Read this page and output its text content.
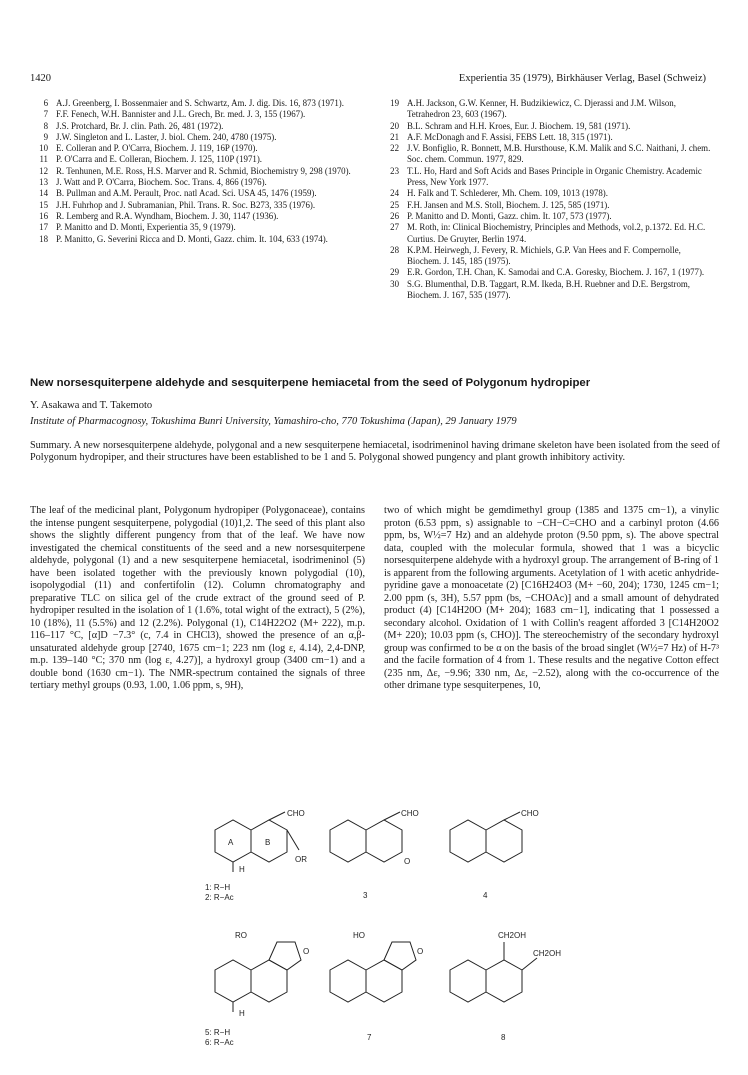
1420	Experientia 35 (1979), Birkhäuser Verlag, Basel (Schweiz)
6 A.J. Greenberg, I. Bossenmaier and S. Schwartz, Am. J. dig. Dis. 16, 873 (1971).
7 F.F. Fenech, W.H. Bannister and J.L. Grech, Br. med. J. 3, 155 (1967).
8 J.S. Protchard, Br. J. clin. Path. 26, 481 (1972).
9 J.W. Singleton and L. Laster, J. biol. Chem. 240, 4780 (1975).
10 E. Colleran and P. O'Carra, Biochem. J. 119, 16P (1970).
11 P. O'Carra and E. Colleran, Biochem. J. 125, 110P (1971).
12 R. Tenhunen, M.E. Ross, H.S. Marver and R. Schmid, Biochemistry 9, 298 (1970).
13 J. Watt and P. O'Carra, Biochem. Soc. Trans. 4, 866 (1976).
14 B. Pullman and A.M. Perault, Proc. natl Acad. Sci. USA 45, 1476 (1959).
15 J.H. Fuhrhop and J. Subramanian, Phil. Trans. R. Soc. B273, 335 (1976).
16 R. Lemberg and R.A. Wyndham, Biochem. J. 30, 1147 (1936).
17 P. Manitto and D. Monti, Experientia 35, 9 (1979).
18 P. Manitto, G. Severini Ricca and D. Monti, Gazz. chim. It. 104, 633 (1974).
19 A.H. Jackson, G.W. Kenner, H. Budzikiewicz, C. Djerassi and J.M. Wilson, Tetrahedron 23, 603 (1967).
20 B.L. Schram and H.H. Kroes, Eur. J. Biochem. 19, 581 (1971).
21 A.F. McDonagh and F. Assisi, FEBS Lett. 18, 315 (1971).
22 J.V. Bonfiglio, R. Bonnett, M.B. Hursthouse, K.M. Malik and S.C. Naithani, J. chem. Soc. chem. Commun. 1977, 829.
23 T.L. Ho, Hard and Soft Acids and Bases Principle in Organic Chemistry. Academic Press, New York 1977.
24 H. Falk and T. Schlederer, Mh. Chem. 109, 1013 (1978).
25 F.H. Jansen and M.S. Stoll, Biochem. J. 125, 585 (1971).
26 P. Manitto and D. Monti, Gazz. chim. It. 107, 573 (1977).
27 M. Roth, in: Clinical Biochemistry, Principles and Methods, vol.2, p.1372. Ed. H.C. Curtius. De Gruyter, Berlin 1974.
28 K.P.M. Heirwegh, J. Fevery, R. Michiels, G.P. Van Hees and F. Compernolle, Biochem. J. 145, 185 (1975).
29 E.R. Gordon, T.H. Chan, K. Samodai and C.A. Goresky, Biochem. J. 167, 1 (1977).
30 S.G. Blumenthal, D.B. Taggart, R.M. Ikeda, B.H. Ruebner and D.E. Bergstrom, Biochem. J. 167, 535 (1977).
New norsesquiterpene aldehyde and sesquiterpene hemiacetal from the seed of Polygonum hydropiper
Y. Asakawa and T. Takemoto
Institute of Pharmacognosy, Tokushima Bunri University, Yamashiro-cho, 770 Tokushima (Japan), 29 January 1979
Summary. A new norsesquiterpene aldehyde, polygonal and a new sesquiterpene hemiacetal, isodrimeninol having drimane skeleton have been isolated from the seed of Polygonum hydropiper, and their structures have been established to be 1 and 5. Polygonal showed pungency and plant growth inhibitory activity.
The leaf of the medicinal plant, Polygonum hydropiper (Polygonaceae), contains the intense pungent sesquiterpene, polygodial (10)1,2. The seed of this plant also shows the slightly different pungency from that of the leaf. We have now investigated the chemical constituents of the seed and a new norsesquiterpene aldehyde, polygonal (1) and a new sesquiterpene hemiacetal, isodrimeninol (5) have been isolated together with the previously known polygodial (10), isopolygodial (11) and confertifolin (12). Column chromatography and preparative TLC on silica gel of the crude extract of the ground seed of P. hydropiper resulted in the isolation of 1 (1.6%, total wight of the extract), 5 (2%), 10 (18%), 11 (5.5%) and 12 (2.2%). Polygonal (1), C14H22O2 (M+ 222), m.p. 116–117 °C, [α]D −7.3° (c, 7.4 in CHCl3), showed the presence of an α,β-unsaturated aldehyde group [2740, 1675 cm−1; 223 nm (log ε, 4.14), 2,4-DNP, m.p. 139–140 °C; 370 nm (log ε, 4.27)], a hydroxyl group (3400 cm−1) and a double bond (1630 cm−1). The NMR-spectrum contained the signals of three tertiary methyl groups (0.93, 1.00, 1.06 ppm, s, 9H),
two of which might be gemdimethyl group (1385 and 1375 cm−1), a vinylic proton (6.53 ppm, s) assignable to −CH−C=CHO and a carbinyl proton (4.66 ppm, bs, W½=7 Hz) and an aldehyde proton (9.50 ppm, s). The above spectral data, coupled with the molecular formula, showed that 1 was a bicyclic norsesquiterpene aldehyde with a hydroxyl group. The arrangement of B-ring of 1 is apparent from the following arguments. Acetylation of 1 with acetic anhydride-pyridine gave a monoacetate (2) [C16H24O3 (M+ −60, 204); 1730, 1245 cm−1; 2.00 ppm (s, 3H), 5.57 ppm (bs, −CHOAc)] and a small amount of dehydrated product (4) [C14H20O (M+ 204); 1683 cm−1], indicating that 1 possessed a secondary alcohol. Oxidation of 1 with Collin's reagent afforded 3 [C14H20O2 (M+ 220); 10.03 ppm (s, CHO)]. The stereochemistry of the secondary hydroxyl group was confirmed to be α on the basis of the broad singlet (W½=7 Hz) of H-7³ and the facile formation of 4 from 1. These results and the negative Cotton effect (235 nm, Δε, −9.96; 330 nm, Δε, −2.52), along with the co-occurrence of the other drimane type sesquiterpenes, 10,
H
CHO
OR
A	B
1: R−H
2: R−Ac
CHO
O
3
CHO
4
H
RO
O
5: R−H
6: R−Ac
HO
O
7
CH2OH
CH2OH
8
